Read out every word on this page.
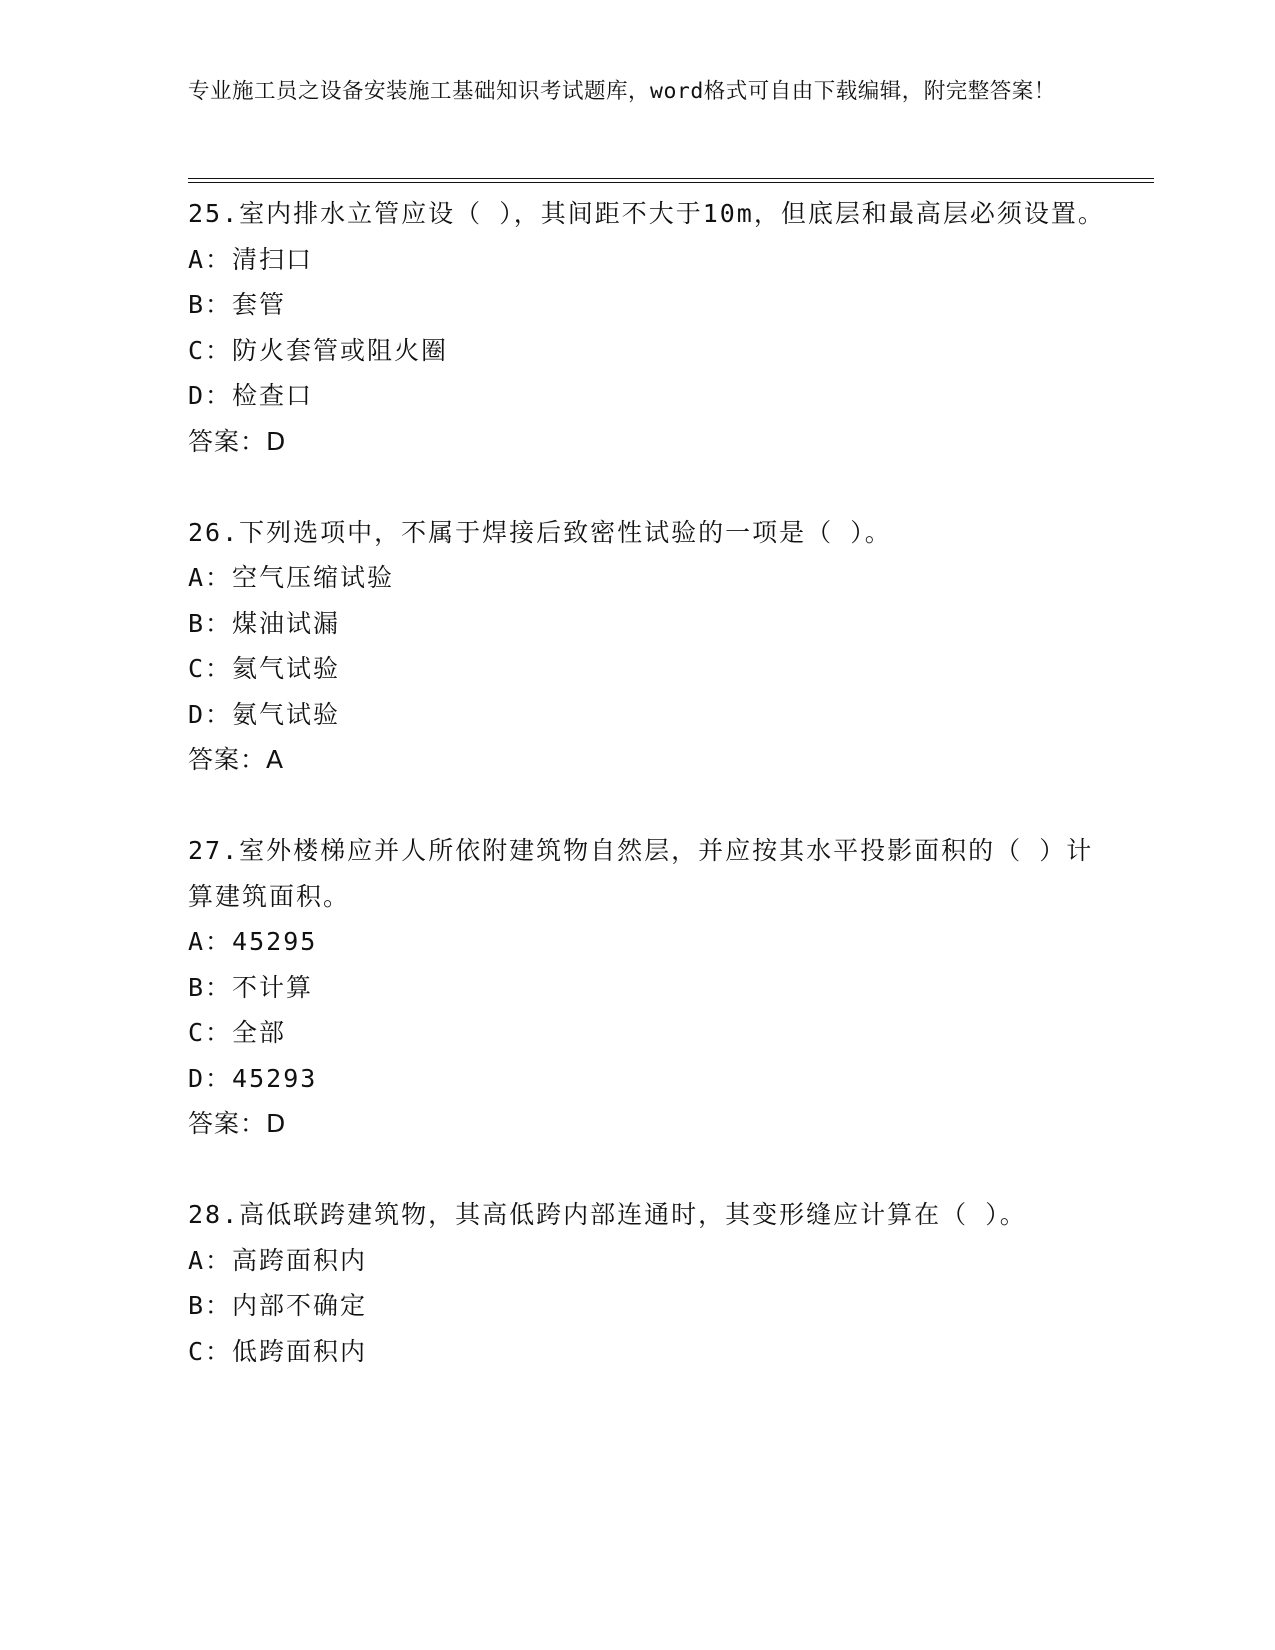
专业施工员之设备安装施工基础知识考试题库，word格式可自由下载编辑，附完整答案！

25.室内排水立管应设（ ），其间距不大于10m，但底层和最高层必须设置。

A：清扫口
B：套管
C：防火套管或阻火圈
D：检查口
答案：D

26.下列选项中，不属于焊接后致密性试验的一项是（ ）。

A：空气压缩试验
B：煤油试漏
C：氦气试验
D：氨气试验
答案：A

27.室外楼梯应并人所依附建筑物自然层，并应按其水平投影面积的（ ）计算建筑面积。

A：45295
B：不计算
C：全部
D：45293
答案：D

28.高低联跨建筑物，其高低跨内部连通时，其变形缝应计算在（ ）。

A：高跨面积内
B：内部不确定
C：低跨面积内
